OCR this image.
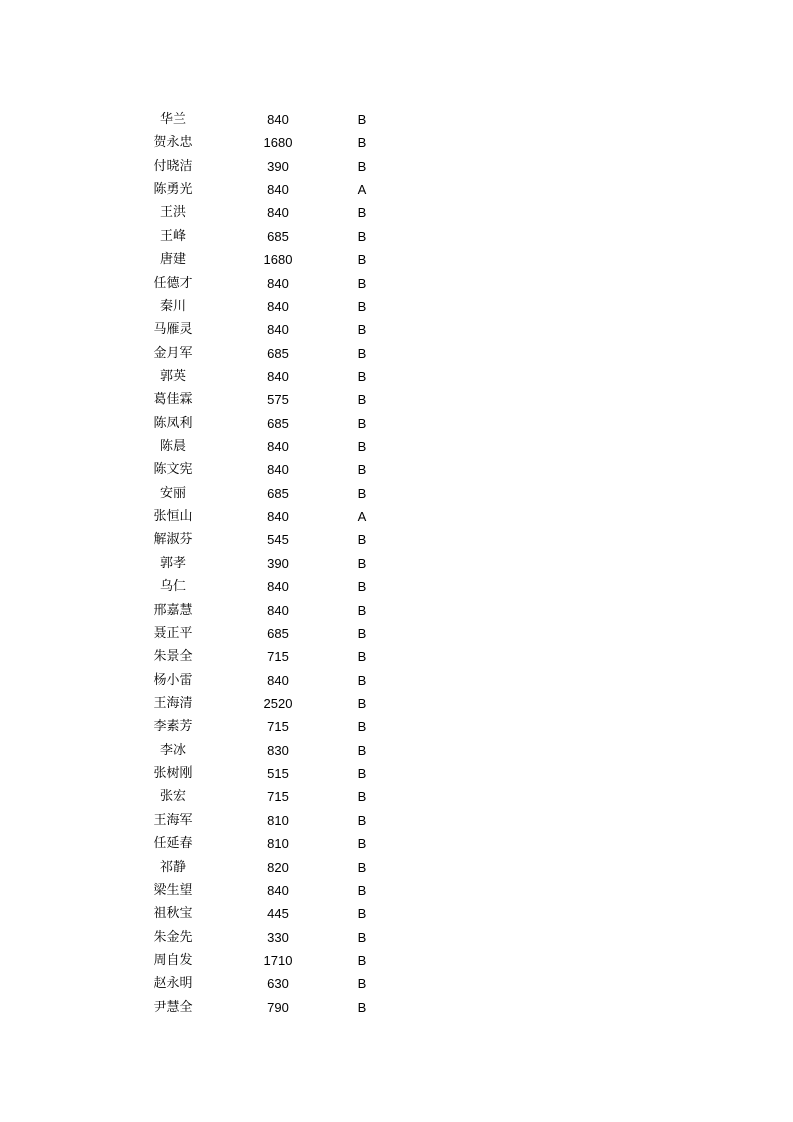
华兰	840	B
贺永忠	1680	B
付晓洁	390	B
陈勇光	840	A
王洪	840	B
王峰	685	B
唐建	1680	B
任德才	840	B
秦川	840	B
马雁灵	840	B
金月军	685	B
郭英	840	B
葛佳霖	575	B
陈凤利	685	B
陈晨	840	B
陈文宪	840	B
安丽	685	B
张恒山	840	A
解淑芬	545	B
郭孝	390	B
乌仁	840	B
邢嘉慧	840	B
聂正平	685	B
朱景全	715	B
杨小雷	840	B
王海清	2520	B
李素芳	715	B
李冰	830	B
张树刚	515	B
张宏	715	B
王海军	810	B
任延春	810	B
祁静	820	B
梁生望	840	B
祖秋宝	445	B
朱金先	330	B
周自发	1710	B
赵永明	630	B
尹慧全	790	B
